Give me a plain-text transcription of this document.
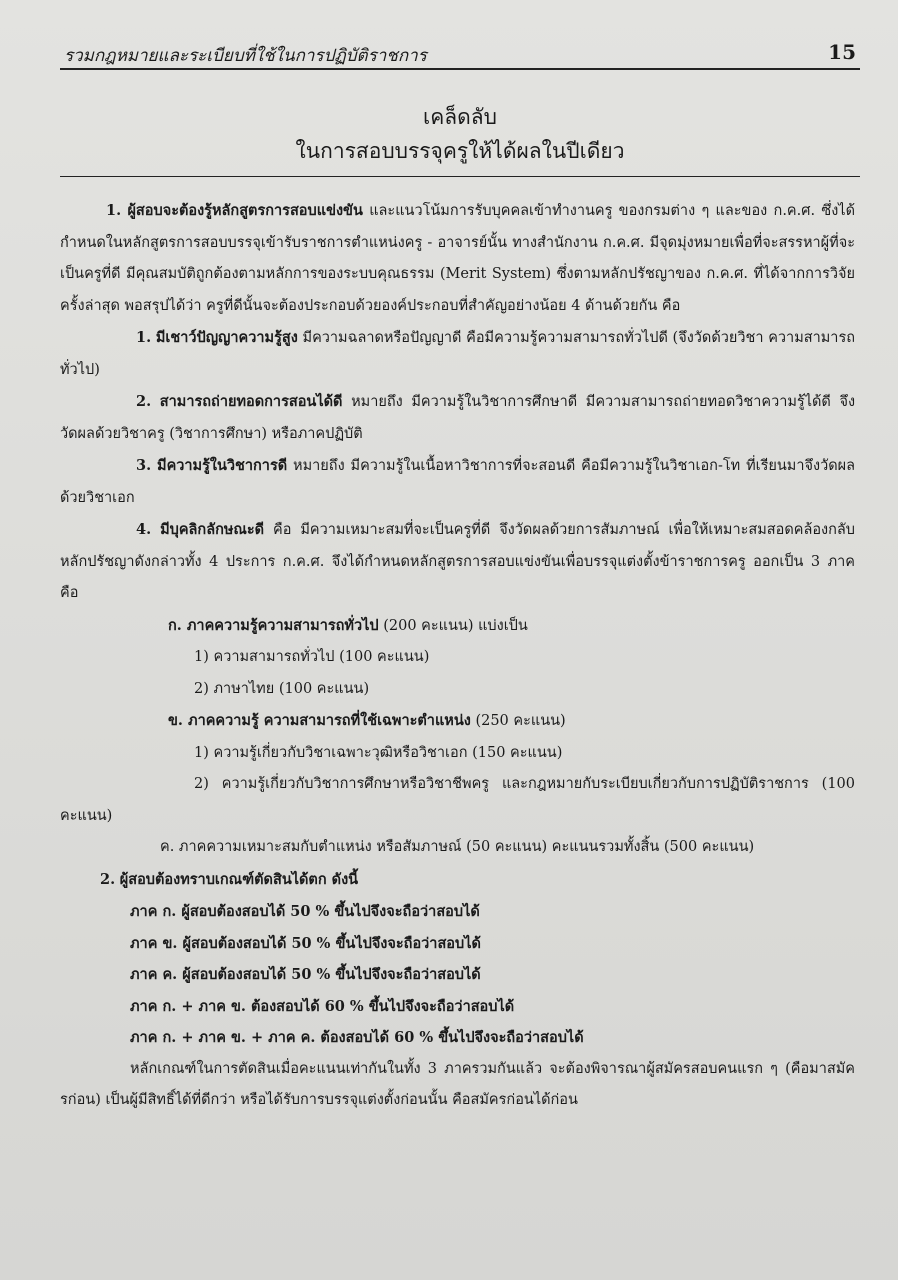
รวมกฎหมายและระเบียบที่ใช้ในการปฏิบัติราชการ	15
เคล็ดลับ
ในการสอบบรรจุครูให้ได้ผลในปีเดียว

1. ผู้สอบจะต้องรู้หลักสูตรการสอบแข่งขัน และแนวโน้มการรับบุคคลเข้าทำงานครู ของกรมต่าง ๆ และของ ก.ค.ศ. ซึ่งได้กำหนดในหลักสูตรการสอบบรรจุเข้ารับราชการตำแหน่งครู - อาจารย์นั้น ทางสำนักงาน ก.ค.ศ. มีจุดมุ่งหมายเพื่อที่จะสรรหาผู้ที่จะเป็นครูที่ดี มีคุณสมบัติถูกต้องตามหลักการของระบบคุณธรรม (Merit System) ซึ่งตามหลักปรัชญาของ ก.ค.ศ. ที่ได้จากการวิจัยครั้งล่าสุด พอสรุปได้ว่า ครูที่ดีนั้นจะต้องประกอบด้วยองค์ประกอบที่สำคัญอย่างน้อย 4 ด้านด้วยกัน คือ

1. มีเชาว์ปัญญาความรู้สูง มีความฉลาดหรือปัญญาดี คือมีความรู้ความสามารถทั่วไปดี (จึงวัดด้วยวิชา ความสามารถทั่วไป)

2. สามารถถ่ายทอดการสอนได้ดี หมายถึง มีความรู้ในวิชาการศึกษาดี มีความสามารถถ่ายทอดวิชาความรู้ได้ดี จึงวัดผลด้วยวิชาครู (วิชาการศึกษา) หรือภาคปฏิบัติ

3. มีความรู้ในวิชาการดี หมายถึง มีความรู้ในเนื้อหาวิชาการที่จะสอนดี คือมีความรู้ในวิชาเอก-โท ที่เรียนมาจึงวัดผลด้วยวิชาเอก

4. มีบุคลิกลักษณะดี คือ มีความเหมาะสมที่จะเป็นครูที่ดี จึงวัดผลด้วยการสัมภาษณ์ เพื่อให้เหมาะสมสอดคล้องกลับหลักปรัชญาดังกล่าวทั้ง 4 ประการ ก.ค.ศ. จึงได้กำหนดหลักสูตรการสอบแข่งขันเพื่อบรรจุแต่งตั้งข้าราชการครู ออกเป็น 3 ภาค คือ

ก. ภาคความรู้ความสามารถทั่วไป (200 คะแนน) แบ่งเป็น

1) ความสามารถทั่วไป (100 คะแนน)

2) ภาษาไทย (100 คะแนน)

ข. ภาคความรู้ ความสามารถที่ใช้เฉพาะตำแหน่ง (250 คะแนน)

1) ความรู้เกี่ยวกับวิชาเฉพาะวุฒิหรือวิชาเอก (150 คะแนน)

2) ความรู้เกี่ยวกับวิชาการศึกษาหรือวิชาชีพครู และกฎหมายกับระเบียบเกี่ยวกับการปฏิบัติราชการ (100 คะแนน)

ค. ภาคความเหมาะสมกับตำแหน่ง หรือสัมภาษณ์ (50 คะแนน) คะแนนรวมทั้งสิ้น (500 คะแนน)

2. ผู้สอบต้องทราบเกณฑ์ตัดสินได้ตก ดังนี้

ภาค ก. ผู้สอบต้องสอบได้ 50 % ขึ้นไปจึงจะถือว่าสอบได้

ภาค ข. ผู้สอบต้องสอบได้ 50 % ขึ้นไปจึงจะถือว่าสอบได้

ภาค ค. ผู้สอบต้องสอบได้ 50 % ขึ้นไปจึงจะถือว่าสอบได้

ภาค ก. + ภาค ข. ต้องสอบได้ 60 % ขึ้นไปจึงจะถือว่าสอบได้

ภาค ก. + ภาค ข. + ภาค ค. ต้องสอบได้ 60 % ขึ้นไปจึงจะถือว่าสอบได้

หลักเกณฑ์ในการตัดสินเมื่อคะแนนเท่ากันในทั้ง 3 ภาครวมกันแล้ว จะต้องพิจารณาผู้สมัครสอบคนแรก ๆ (คือมาสมัครก่อน) เป็นผู้มีสิทธิ์ได้ที่ดีกว่า หรือได้รับการบรรจุแต่งตั้งก่อนนั้น คือสมัครก่อนได้ก่อน
